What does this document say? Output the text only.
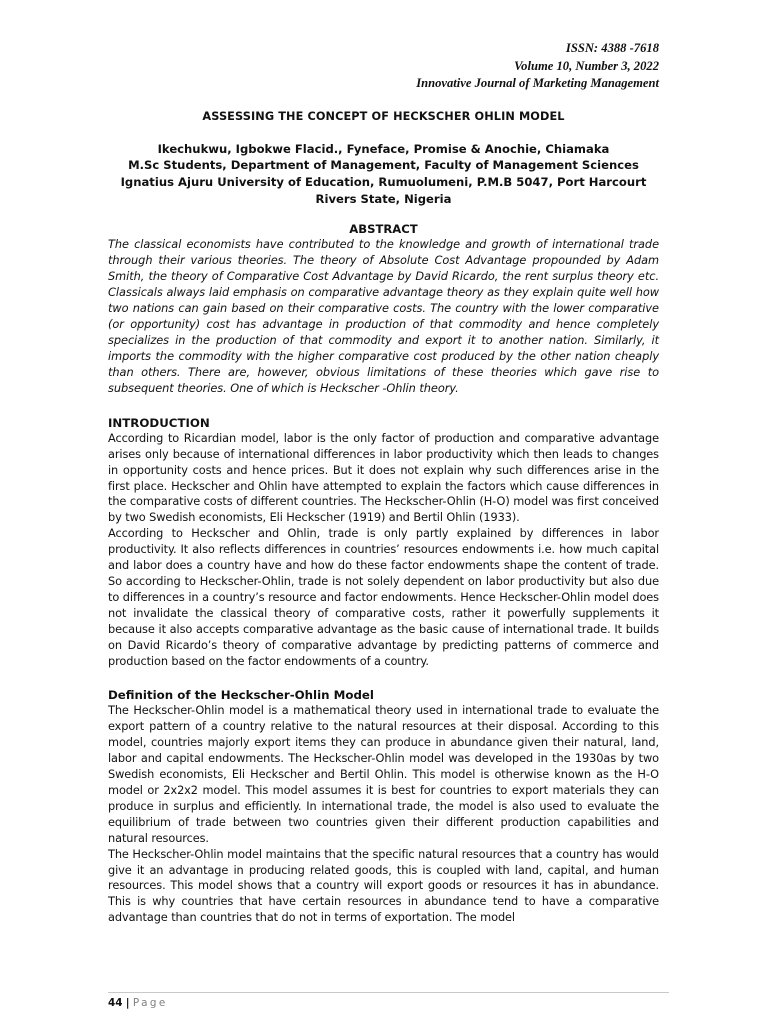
ISSN: 4388 -7618
Volume 10, Number 3, 2022
Innovative Journal of Marketing Management
ASSESSING THE CONCEPT OF HECKSCHER OHLIN MODEL
Ikechukwu, Igbokwe Flacid., Fyneface, Promise & Anochie, Chiamaka
M.Sc Students, Department of Management, Faculty of Management Sciences
Ignatius Ajuru University of Education, Rumuolumeni, P.M.B 5047, Port Harcourt
Rivers State, Nigeria
ABSTRACT
The classical economists have contributed to the knowledge and growth of international trade through their various theories. The theory of Absolute Cost Advantage propounded by Adam Smith, the theory of Comparative Cost Advantage by David Ricardo, the rent surplus theory etc. Classicals always laid emphasis on comparative advantage theory as they explain quite well how two nations can gain based on their comparative costs. The country with the lower comparative (or opportunity) cost has advantage in production of that commodity and hence completely specializes in the production of that commodity and export it to another nation. Similarly, it imports the commodity with the higher comparative cost produced by the other nation cheaply than others. There are, however, obvious limitations of these theories which gave rise to subsequent theories. One of which is Heckscher -Ohlin theory.
INTRODUCTION

According to Ricardian model, labor is the only factor of production and comparative advantage arises only because of international differences in labor productivity which then leads to changes in opportunity costs and hence prices. But it does not explain why such differences arise in the first place. Heckscher and Ohlin have attempted to explain the factors which cause differences in the comparative costs of different countries. The Heckscher-Ohlin (H-O) model was first conceived by two Swedish economists, Eli Heckscher (1919) and Bertil Ohlin (1933).

According to Heckscher and Ohlin, trade is only partly explained by differences in labor productivity. It also reflects differences in countries’ resources endowments i.e. how much capital and labor does a country have and how do these factor endowments shape the content of trade. So according to Heckscher-Ohlin, trade is not solely dependent on labor productivity but also due to differences in a country’s resource and factor endowments. Hence Heckscher-Ohlin model does not invalidate the classical theory of comparative costs, rather it powerfully supplements it because it also accepts comparative advantage as the basic cause of international trade. It builds on David Ricardo’s theory of comparative advantage by predicting patterns of commerce and production based on the factor endowments of a country.

Definition of the Heckscher-Ohlin Model

The Heckscher-Ohlin model is a mathematical theory used in international trade to evaluate the export pattern of a country relative to the natural resources at their disposal. According to this model, countries majorly export items they can produce in abundance given their natural, land, labor and capital endowments. The Heckscher-Ohlin model was developed in the 1930as by two Swedish economists, Eli Heckscher and Bertil Ohlin. This model is otherwise known as the H-O model or 2x2x2 model. This model assumes it is best for countries to export materials they can produce in surplus and efficiently. In international trade, the model is also used to evaluate the equilibrium of trade between two countries given their different production capabilities and natural resources.

The Heckscher-Ohlin model maintains that the specific natural resources that a country has would give it an advantage in producing related goods, this is coupled with land, capital, and human resources. This model shows that a country will export goods or resources it has in abundance. This is why countries that have certain resources in abundance tend to have a comparative advantage than countries that do not in terms of exportation. The model

44 | Page
